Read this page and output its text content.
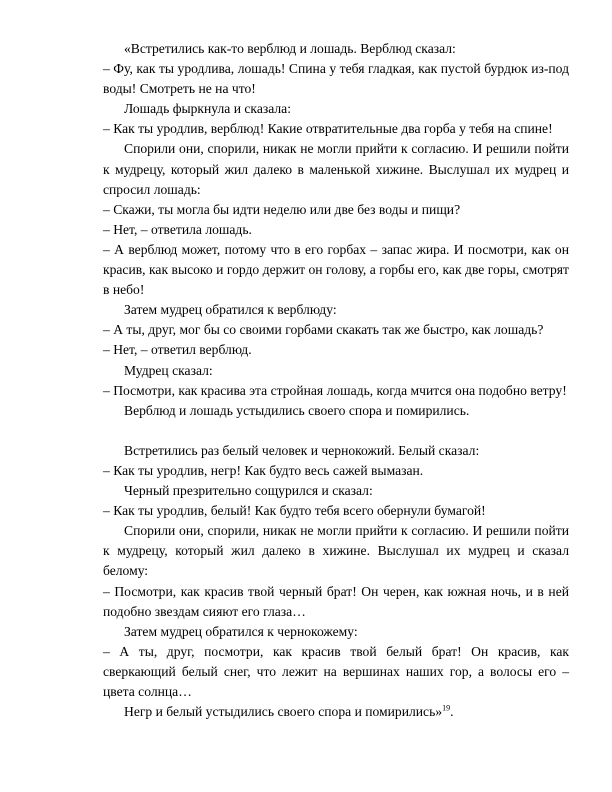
«Встретились как-то верблюд и лошадь. Верблюд сказал:

– Фу, как ты уродлива, лошадь! Спина у тебя гладкая, как пустой бурдюк из-под воды! Смотреть не на что!

Лошадь фыркнула и сказала:

– Как ты уродлив, верблюд! Какие отвратительные два горба у тебя на спине!

Спорили они, спорили, никак не могли прийти к согласию. И решили пойти к мудрецу, который жил далеко в маленькой хижине. Выслушал их мудрец и спросил лошадь:

– Скажи, ты могла бы идти неделю или две без воды и пищи?

– Нет, – ответила лошадь.

– А верблюд может, потому что в его горбах – запас жира. И посмотри, как он красив, как высоко и гордо держит он голову, а горбы его, как две горы, смотрят в небо!

Затем мудрец обратился к верблюду:

– А ты, друг, мог бы со своими горбами скакать так же быстро, как лошадь?

– Нет, – ответил верблюд.

Мудрец сказал:

– Посмотри, как красива эта стройная лошадь, когда мчится она подобно ветру!

Верблюд и лошадь устыдились своего спора и помирились.

Встретились раз белый человек и чернокожий. Белый сказал:

– Как ты уродлив, негр! Как будто весь сажей вымазан.

Черный презрительно сощурился и сказал:

– Как ты уродлив, белый! Как будто тебя всего обернули бумагой!

Спорили они, спорили, никак не могли прийти к согласию. И решили пойти к мудрецу, который жил далеко в хижине. Выслушал их мудрец и сказал белому:

– Посмотри, как красив твой черный брат! Он черен, как южная ночь, и в ней подобно звездам сияют его глаза…

Затем мудрец обратился к чернокожему:

– А ты, друг, посмотри, как красив твой белый брат! Он красив, как сверкающий белый снег, что лежит на вершинах наших гор, а волосы его – цвета солнца…

Негр и белый устыдились своего спора и помирились»$^{19}$.
